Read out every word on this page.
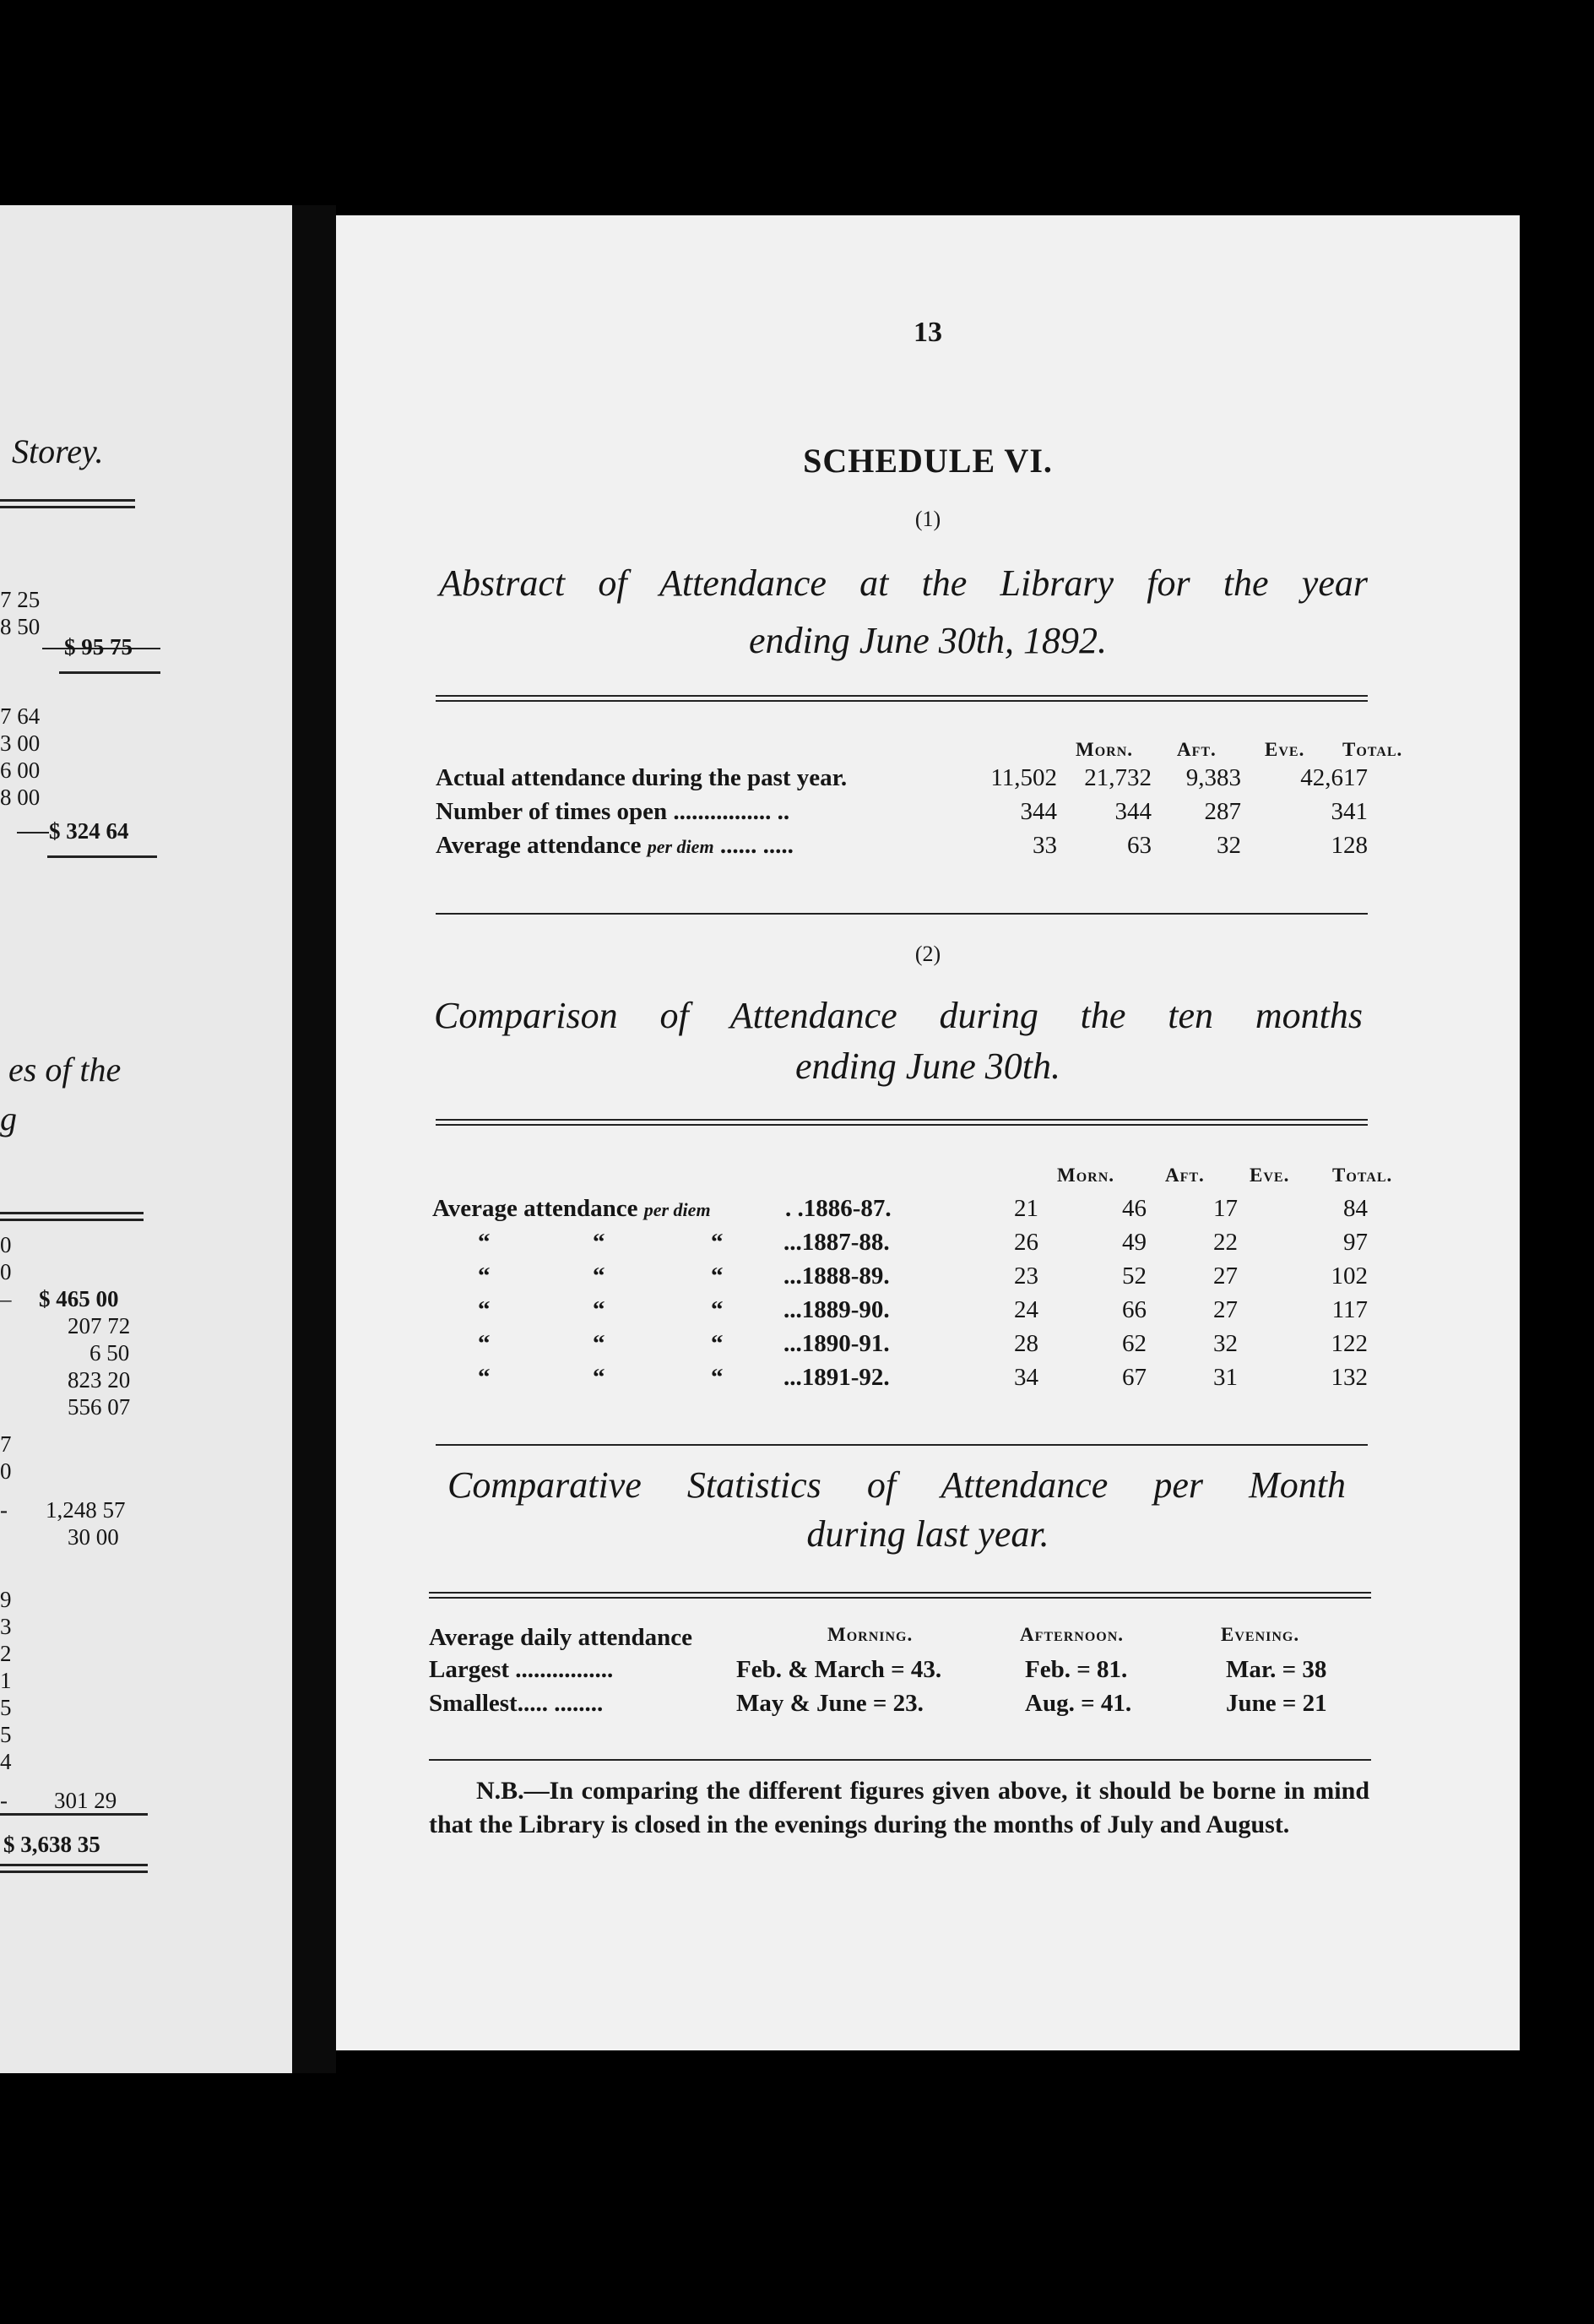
Storey.
7 25
8 50
$ 95 75
7 64
3 00
6 00
8 00
$ 324 64
es of the
g
0
0
– $ 465 00
207 72
6 50
823 20
556 07
7
0
- 1,248 57
30 00
9
3
2
1
5
5
4
- 301 29
$ 3,638 35
13
SCHEDULE VI.
(1)
Abstract of Attendance at the Library for the year
ending June 30th, 1892.
Morn. Aft. Eve. Total.
Actual attendance during the past year.	11,502 21,732 9,383 42,617
Number of times open ................ ..	344 344 287	341
Average attendance per diem ...... .....	33	63	32	128
(2)
Comparison of Attendance during the ten months
ending June 30th.
Morn.	Aft. Eve. Total.
Average attendance per diem	. .1886-87.	21	46	17	84
“	“	“ ...1887-88.	26	49	22	97
“	“	“ ...1888-89.	23	52	27	102
“	“	“ ...1889-90.	24	66	27	117
“	“	“ ...1890-91.	28	62	32	122
“	“	“ ...1891-92.	34	67	31	132
Comparative Statistics of Attendance per Month
during last year.
Average daily attendance	Morning.	Afternoon.	Evening.
Largest ................	Feb. & March = 43.	Feb. = 81.	Mar. = 38
Smallest..... ........	May & June = 23.	Aug. = 41.	June = 21
N.B.—In comparing the different figures given above, it should be borne in mind that the Library is closed in the evenings during the months of July and August.
